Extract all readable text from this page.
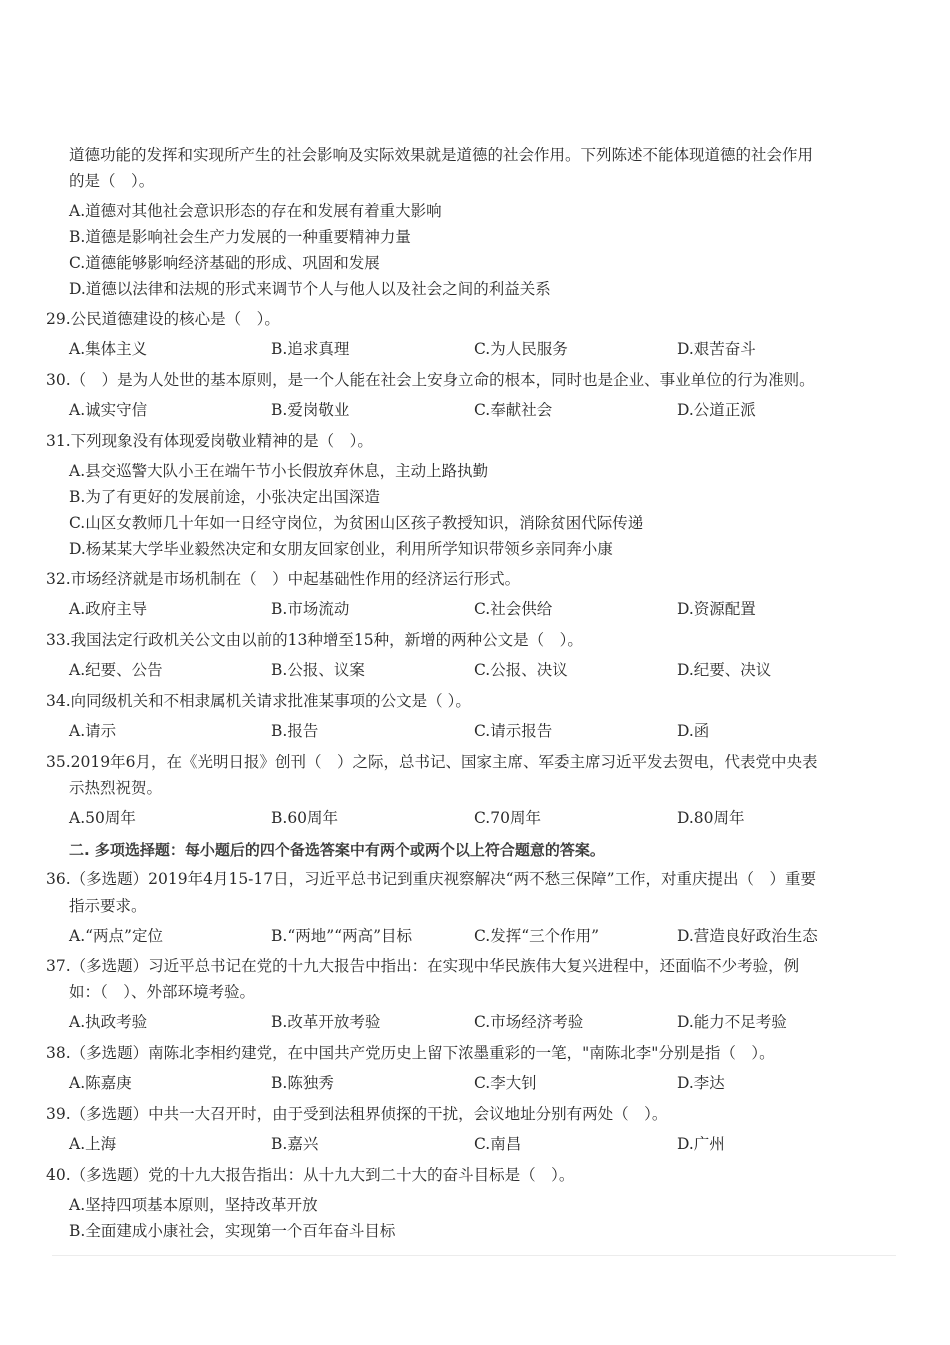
道德功能的发挥和实现所产生的社会影响及实际效果就是道德的社会作用。下列陈述不能体现道德的社会作用
的是（　）。
A.道德对其他社会意识形态的存在和发展有着重大影响
B.道德是影响社会生产力发展的一种重要精神力量
C.道德能够影响经济基础的形成、巩固和发展
D.道德以法律和法规的形式来调节个人与他人以及社会之间的利益关系
29.公民道德建设的核心是（　）。
A.集体主义	B.追求真理	C.为人民服务	D.艰苦奋斗
30.（　）是为人处世的基本原则，是一个人能在社会上安身立命的根本，同时也是企业、事业单位的行为准则。
A.诚实守信	B.爱岗敬业	C.奉献社会	D.公道正派
31.下列现象没有体现爱岗敬业精神的是（　）。
A.县交巡警大队小王在端午节小长假放弃休息，主动上路执勤
B.为了有更好的发展前途，小张决定出国深造
C.山区女教师几十年如一日经守岗位，为贫困山区孩子教授知识，消除贫困代际传递
D.杨某某大学毕业毅然决定和女朋友回家创业，利用所学知识带领乡亲同奔小康
32.市场经济就是市场机制在（　）中起基础性作用的经济运行形式。
A.政府主导	B.市场流动	C.社会供给	D.资源配置
33.我国法定行政机关公文由以前的13种增至15种，新增的两种公文是（　）。
A.纪要、公告	B.公报、议案	C.公报、决议	D.纪要、决议
34.向同级机关和不相隶属机关请求批准某事项的公文是（ ）。
A.请示	B.报告	C.请示报告	D.函
35.2019年6月，在《光明日报》创刊（　）之际，总书记、国家主席、军委主席习近平发去贺电，代表党中央表
示热烈祝贺。
A.50周年	B.60周年	C.70周年	D.80周年
二. 多项选择题：每小题后的四个备选答案中有两个或两个以上符合题意的答案。
36.（多选题）2019年4月15-17日，习近平总书记到重庆视察解决“两不愁三保障”工作，对重庆提出（　）重要
指示要求。
A.“两点”定位	B.“两地”“两高”目标	C.发挥“三个作用”	D.营造良好政治生态
37.（多选题）习近平总书记在党的十九大报告中指出：在实现中华民族伟大复兴进程中，还面临不少考验，例
如：（　）、外部环境考验。
A.执政考验	B.改革开放考验	C.市场经济考验	D.能力不足考验
38.（多选题）南陈北李相约建党，在中国共产党历史上留下浓墨重彩的一笔，"南陈北李"分别是指（　）。
A.陈嘉庚	B.陈独秀	C.李大钊	D.李达
39.（多选题）中共一大召开时，由于受到法租界侦探的干扰，会议地址分别有两处（　）。
A.上海	B.嘉兴	C.南昌	D.广州
40.（多选题）党的十九大报告指出：从十九大到二十大的奋斗目标是（　）。
A.坚持四项基本原则，坚持改革开放
B.全面建成小康社会，实现第一个百年奋斗目标
